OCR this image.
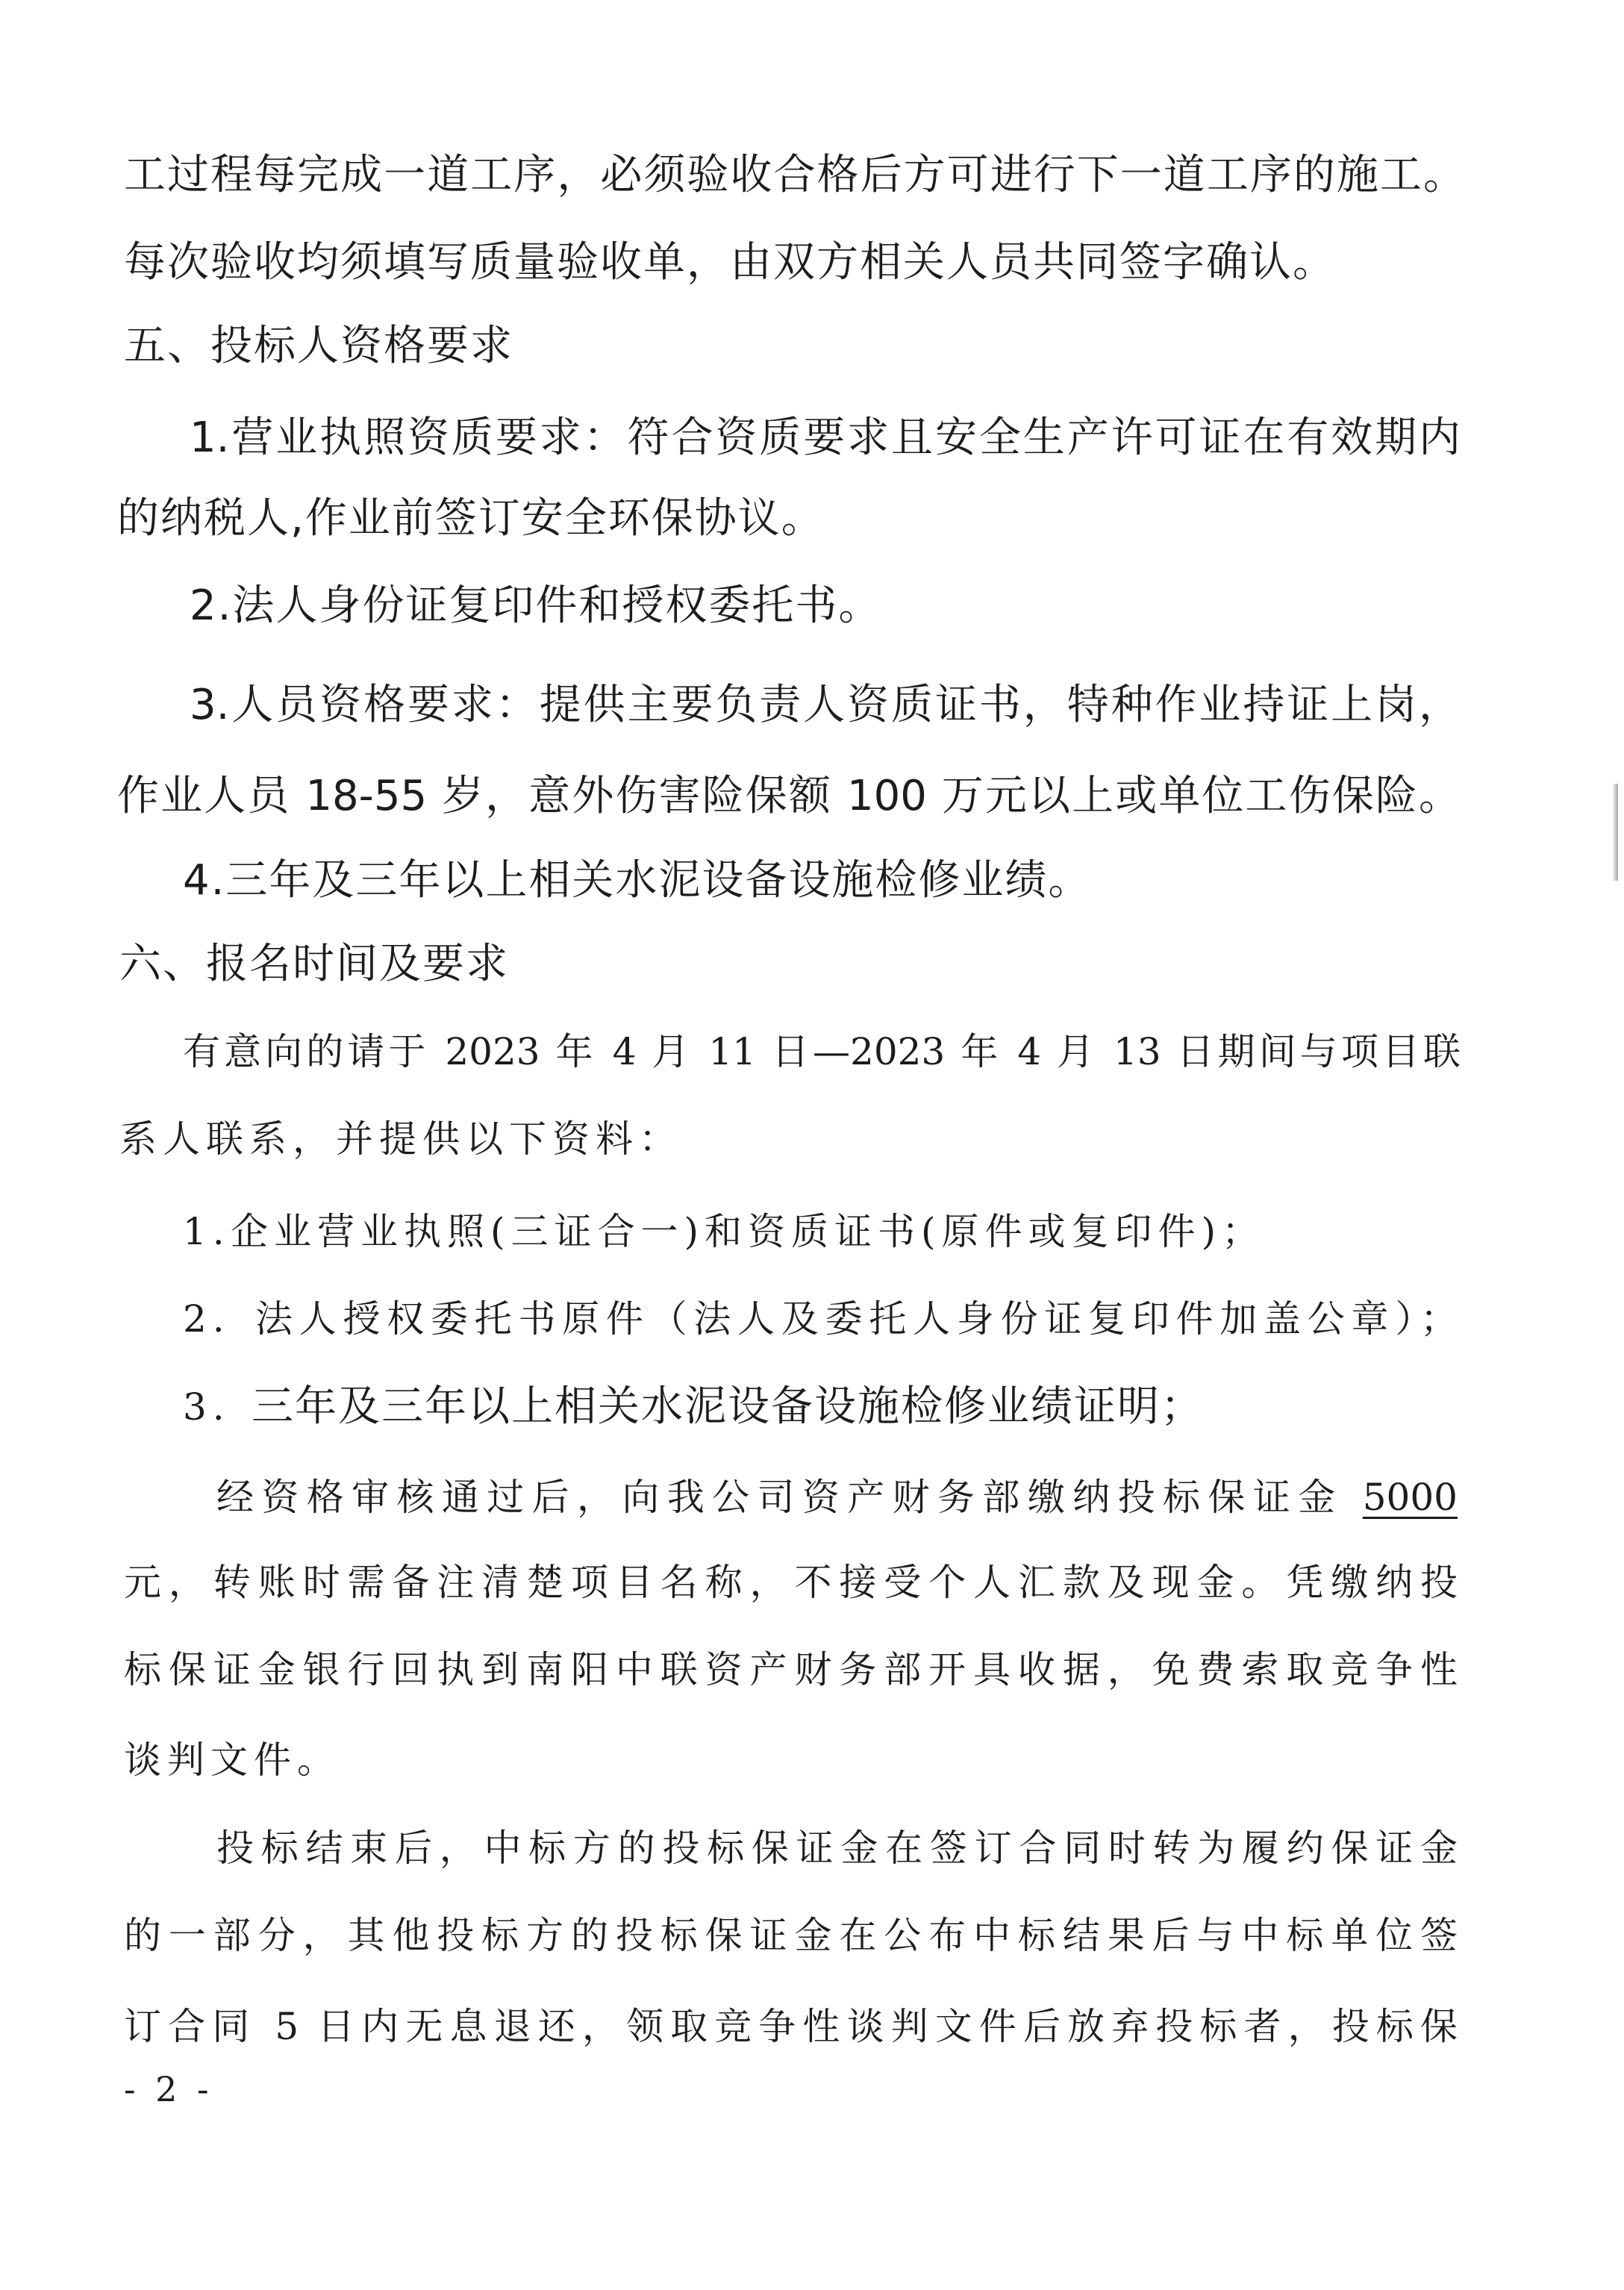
工过程每完成一道工序，必须验收合格后方可进行下一道工序的施工。
每次验收均须填写质量验收单，由双方相关人员共同签字确认。
五、投标人资格要求
1.营业执照资质要求：符合资质要求且安全生产许可证在有效期内
的纳税人,作业前签订安全环保协议。
2.法人身份证复印件和授权委托书。
3.人员资格要求：提供主要负责人资质证书，特种作业持证上岗，
作业人员 18-55 岁，意外伤害险保额 100 万元以上或单位工伤保险。
4.三年及三年以上相关水泥设备设施检修业绩。
六、报名时间及要求
有意向的请于 2023 年 4 月 11 日—2023 年 4 月 13 日期间与项目联
系人联系，并提供以下资料：
1.企业营业执照(三证合一)和资质证书(原件或复印件)；
2. 法人授权委托书原件（法人及委托人身份证复印件加盖公章）；
3. 三年及三年以上相关水泥设备设施检修业绩证明；
经资格审核通过后，向我公司资产财务部缴纳投标保证金 5000
元，转账时需备注清楚项目名称，不接受个人汇款及现金。凭缴纳投
标保证金银行回执到南阳中联资产财务部开具收据，免费索取竞争性
谈判文件。
投标结束后，中标方的投标保证金在签订合同时转为履约保证金
的一部分，其他投标方的投标保证金在公布中标结果后与中标单位签
订合同 5 日内无息退还，领取竞争性谈判文件后放弃投标者，投标保
- 2 -
